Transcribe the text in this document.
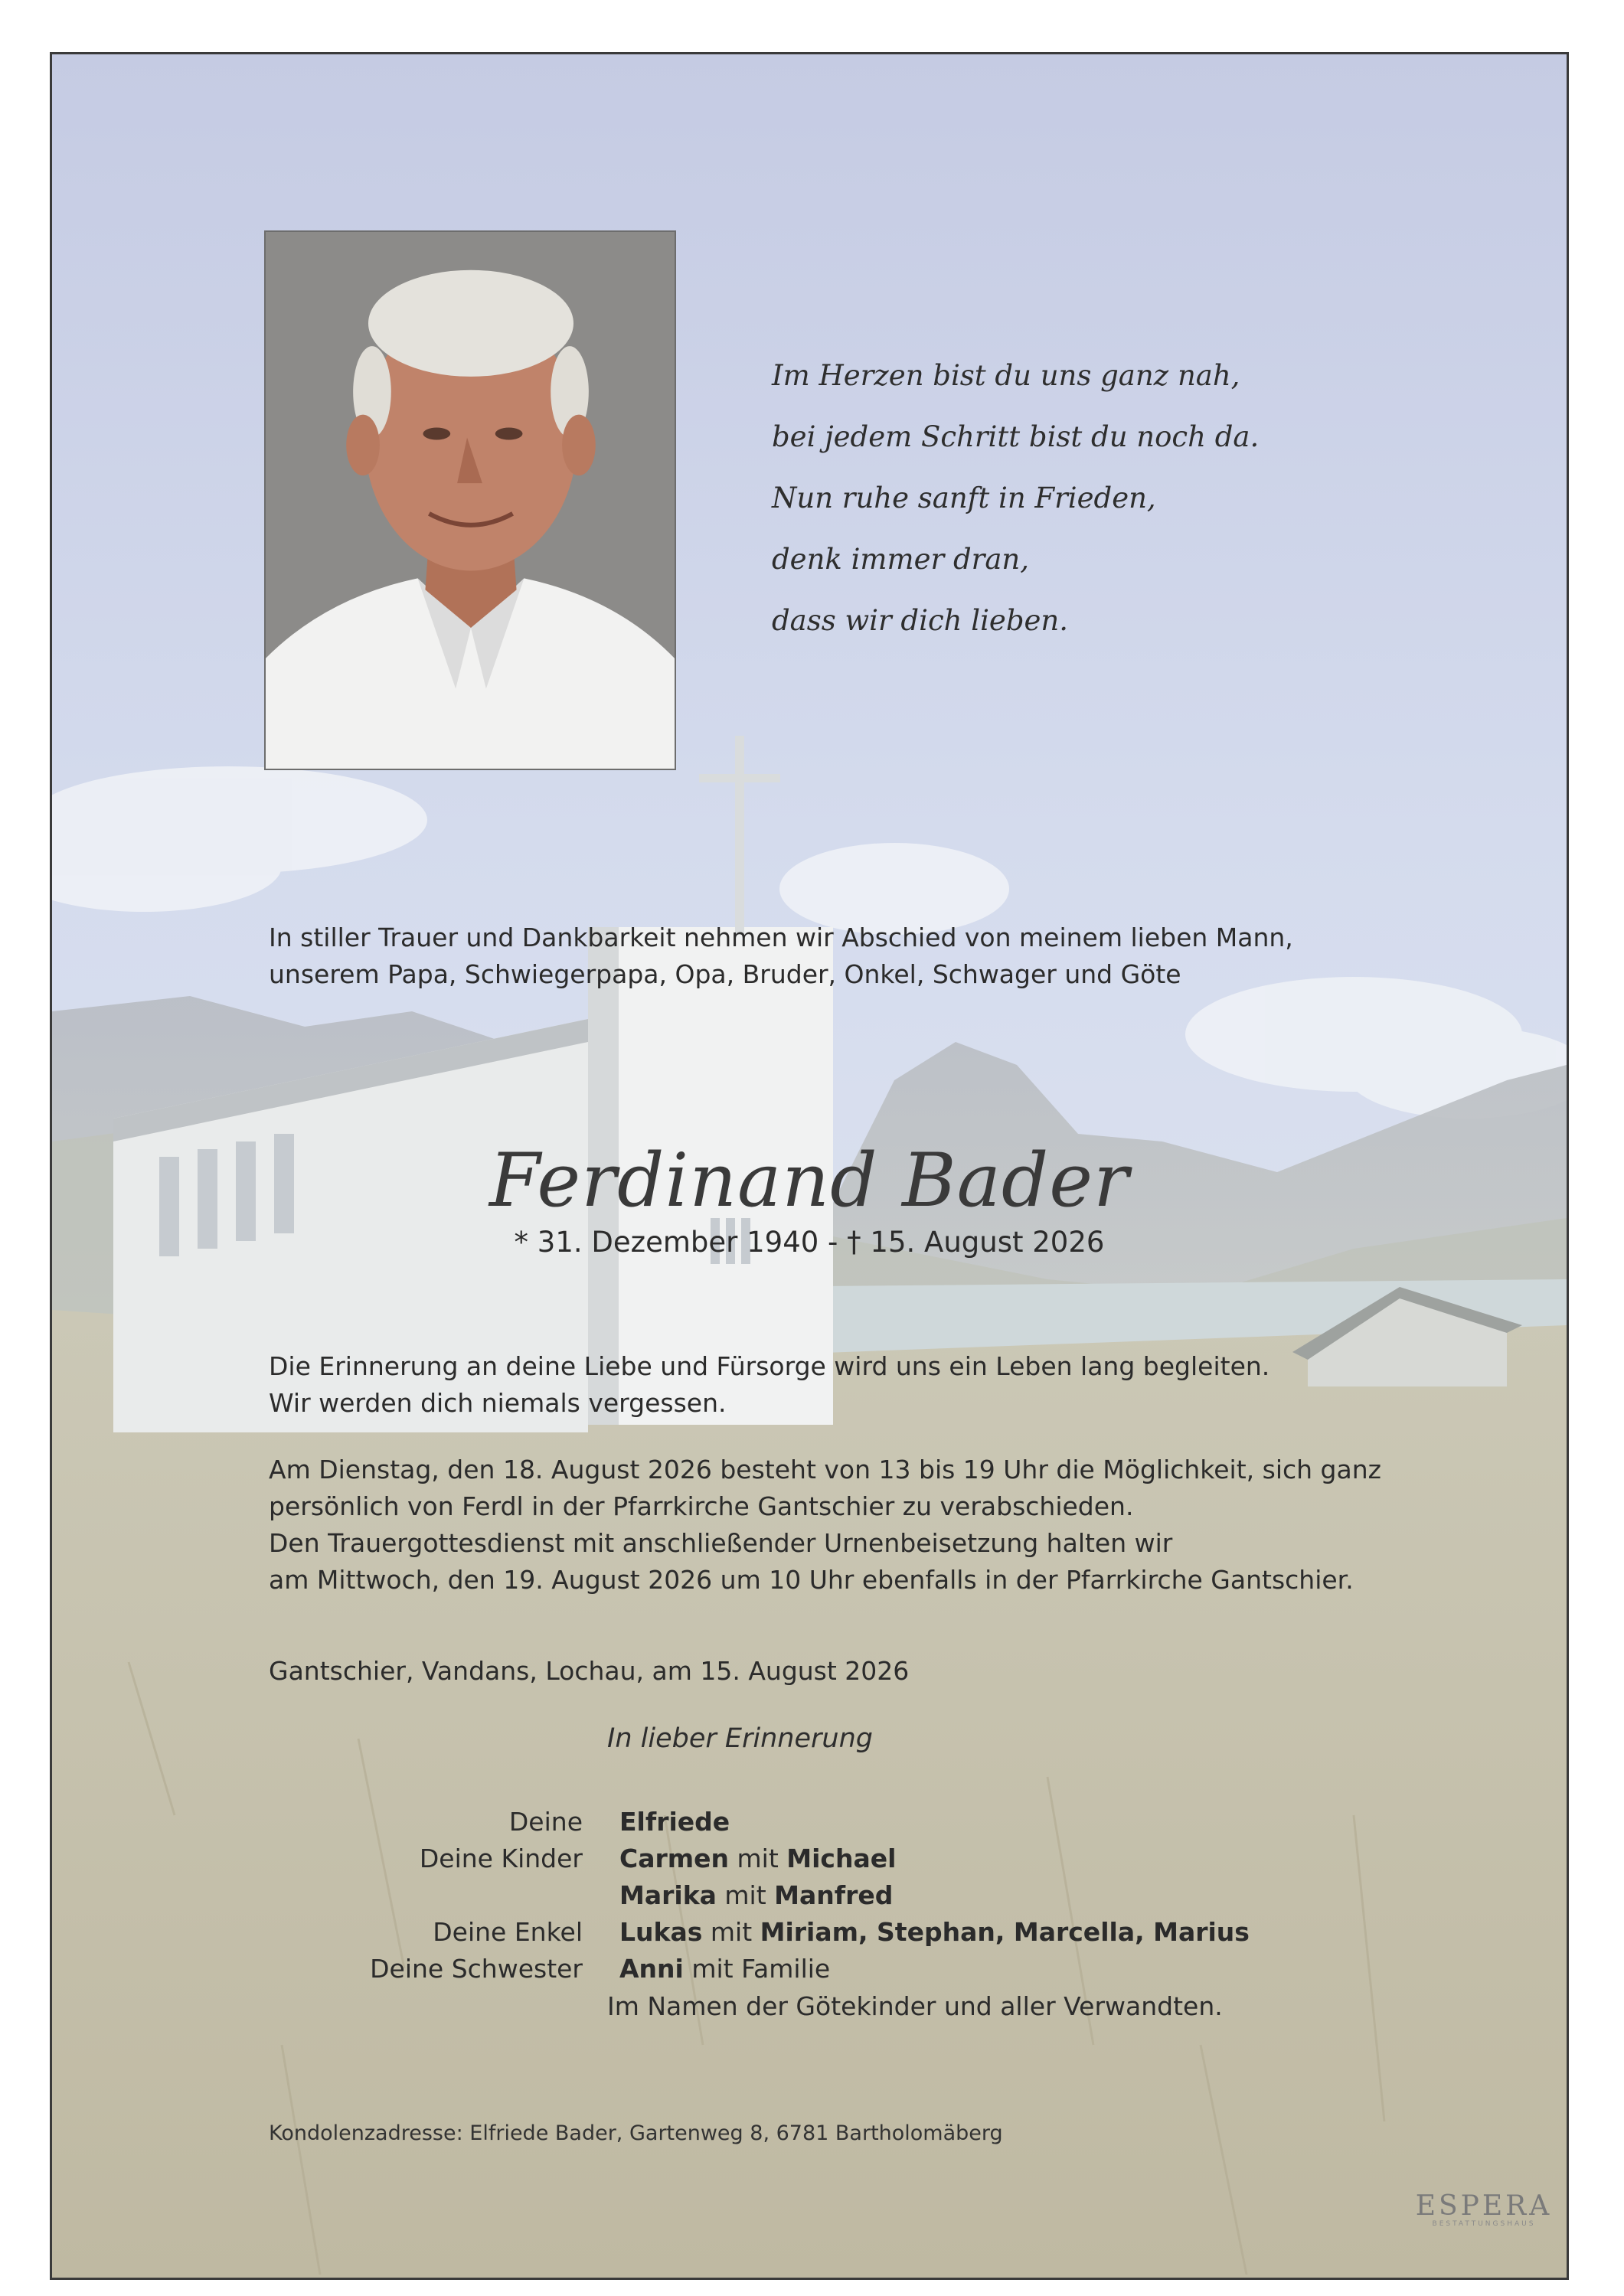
Im Herzen bist du uns ganz nah,
bei jedem Schritt bist du noch da.
Nun ruhe sanft in Frieden,
denk immer dran,
dass wir dich lieben.
In stiller Trauer und Dankbarkeit nehmen wir Abschied von meinem lieben Mann,
unserem Papa, Schwiegerpapa, Opa, Bruder, Onkel, Schwager und Göte
Ferdinand Bader
* 31. Dezember 1940 - † 15. August 2026
Die Erinnerung an deine Liebe und Fürsorge wird uns ein Leben lang begleiten.
Wir werden dich niemals vergessen.
Am Dienstag, den 18. August 2026 besteht von 13 bis 19 Uhr die Möglichkeit, sich ganz
persönlich von Ferdl in der Pfarrkirche Gantschier zu verabschieden.
Den Trauergottesdienst mit anschließender Urnenbeisetzung halten wir
am Mittwoch, den 19. August 2026 um 10 Uhr ebenfalls in der Pfarrkirche Gantschier.
Gantschier, Vandans, Lochau, am 15. August 2026
In lieber Erinnerung
Deine	Elfriede
Deine Kinder	Carmen mit Michael
Marika mit Manfred
Deine Enkel	Lukas mit Miriam, Stephan, Marcella, Marius
Deine Schwester	Anni mit Familie
Im Namen der Götekinder und aller Verwandten.
Kondolenzadresse: Elfriede Bader, Gartenweg 8, 6781 Bartholomäberg
ESPERA
BESTATTUNGSHAUS
